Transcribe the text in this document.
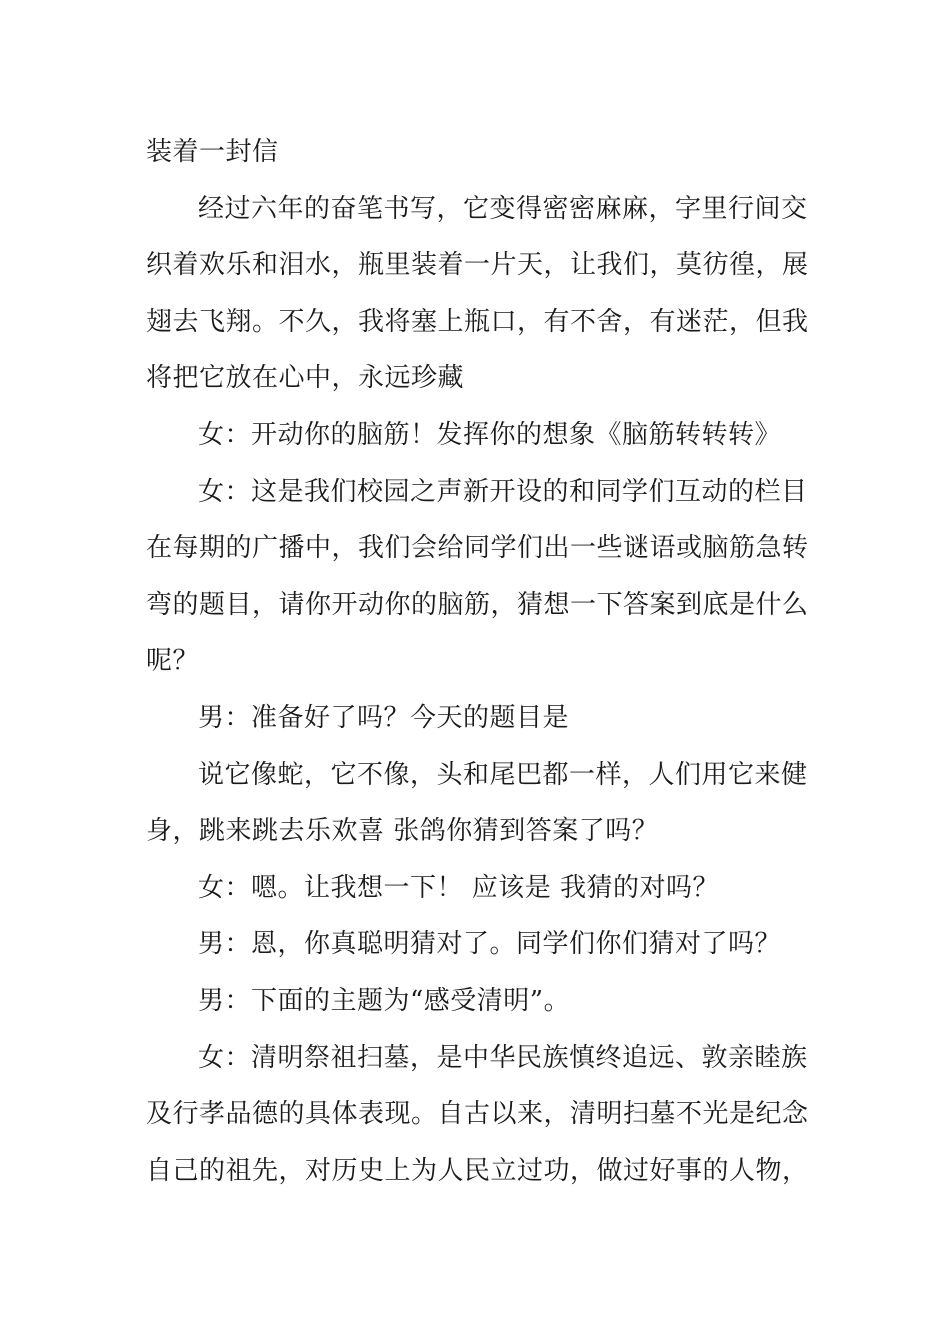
装着一封信
经过六年的奋笔书写，它变得密密麻麻，字里行间交
织着欢乐和泪水，瓶里装着一片天，让我们，莫彷徨，展
翅去飞翔。不久，我将塞上瓶口，有不舍，有迷茫，但我
将把它放在心中，永远珍藏
女：开动你的脑筋！发挥你的想象《脑筋转转转》
女：这是我们校园之声新开设的和同学们互动的栏目
在每期的广播中，我们会给同学们出一些谜语或脑筋急转
弯的题目，请你开动你的脑筋，猜想一下答案到底是什么
呢？
男：准备好了吗？今天的题目是
说它像蛇，它不像，头和尾巴都一样，人们用它来健
身，跳来跳去乐欢喜 张鸽你猜到答案了吗？
女：嗯。让我想一下！ 应该是 我猜的对吗？
男：恩，你真聪明猜对了。同学们你们猜对了吗？
男：下面的主题为“感受清明”。
女：清明祭祖扫墓，是中华民族慎终追远、敦亲睦族
及行孝品德的具体表现。自古以来，清明扫墓不光是纪念
自己的祖先，对历史上为人民立过功，做过好事的人物，
